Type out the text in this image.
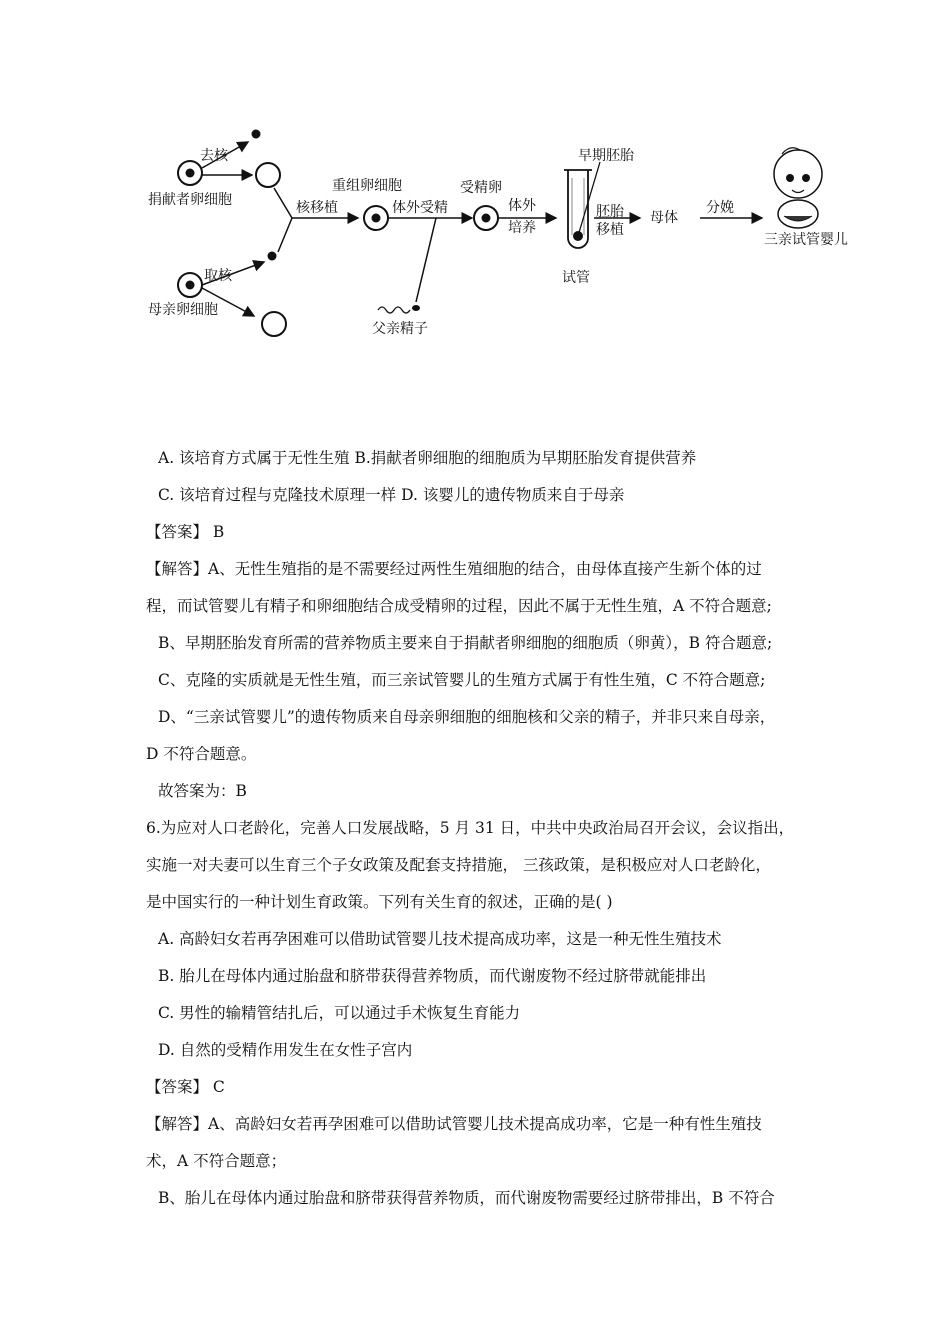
捐献者卵细胞
去核
母亲卵细胞
取核
核移植
重组卵细胞
体外受精
父亲精子
受精卵
体外
培养
早期胚胎
试管
胚胎
移植
母体
分娩
三亲试管婴儿
A. 该培育方式属于无性生殖 B.捐献者卵细胞的细胞质为早期胚胎发育提供营养
C. 该培育过程与克隆技术原理一样 D. 该婴儿的遗传物质来自于母亲
【答案】 B
【解答】A、无性生殖指的是不需要经过两性生殖细胞的结合，由母体直接产生新个体的过
程，而试管婴儿有精子和卵细胞结合成受精卵的过程，因此不属于无性生殖，A 不符合题意;
B、早期胚胎发育所需的营养物质主要来自于捐献者卵细胞的细胞质（卵黄），B 符合题意;
C、克隆的实质就是无性生殖，而三亲试管婴儿的生殖方式属于有性生殖，C 不符合题意;
D、“三亲试管婴儿”的遗传物质来自母亲卵细胞的细胞核和父亲的精子，并非只来自母亲，
D 不符合题意。
故答案为：B
6.为应对人口老龄化，完善人口发展战略，5 月 31 日，中共中央政治局召开会议，会议指出，
实施一对夫妻可以生育三个子女政策及配套支持措施， 三孩政策，是积极应对人口老龄化，
是中国实行的一种计划生育政策。下列有关生育的叙述，正确的是( )
A. 高龄妇女若再孕困难可以借助试管婴儿技术提高成功率，这是一种无性生殖技术
B. 胎儿在母体内通过胎盘和脐带获得营养物质，而代谢废物不经过脐带就能排出
C. 男性的输精管结扎后，可以通过手术恢复生育能力
D. 自然的受精作用发生在女性子宫内
【答案】 C
【解答】A、高龄妇女若再孕困难可以借助试管婴儿技术提高成功率，它是一种有性生殖技
术，A 不符合题意；
B、胎儿在母体内通过胎盘和脐带获得营养物质，而代谢废物需要经过脐带排出，B 不符合
